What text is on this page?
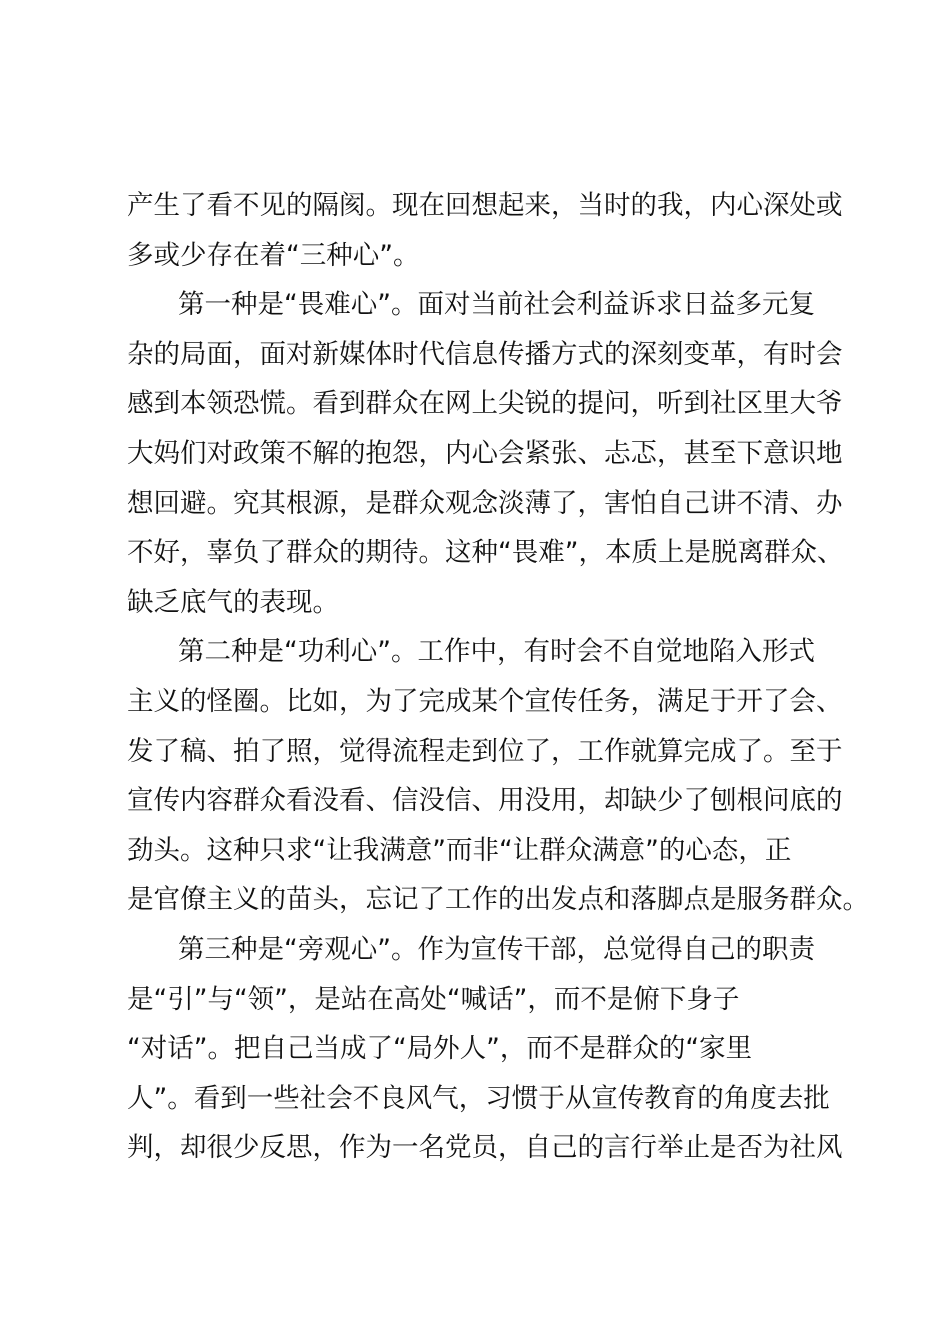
产生了看不见的隔阂。现在回想起来，当时的我，内心深处或
多或少存在着“三种心”。
第一种是“畏难心”。面对当前社会利益诉求日益多元复
杂的局面，面对新媒体时代信息传播方式的深刻变革，有时会
感到本领恐慌。看到群众在网上尖锐的提问，听到社区里大爷
大妈们对政策不解的抱怨，内心会紧张、忐忑，甚至下意识地
想回避。究其根源，是群众观念淡薄了，害怕自己讲不清、办
不好，辜负了群众的期待。这种“畏难”，本质上是脱离群众、
缺乏底气的表现。
第二种是“功利心”。工作中，有时会不自觉地陷入形式
主义的怪圈。比如，为了完成某个宣传任务，满足于开了会、
发了稿、拍了照，觉得流程走到位了，工作就算完成了。至于
宣传内容群众看没看、信没信、用没用，却缺少了刨根问底的
劲头。这种只求“让我满意”而非“让群众满意”的心态，正
是官僚主义的苗头，忘记了工作的出发点和落脚点是服务群众。
第三种是“旁观心”。作为宣传干部，总觉得自己的职责
是“引”与“领”，是站在高处“喊话”，而不是俯下身子
“对话”。把自己当成了“局外人”，而不是群众的“家里
人”。看到一些社会不良风气，习惯于从宣传教育的角度去批
判，却很少反思，作为一名党员，自己的言行举止是否为社风
